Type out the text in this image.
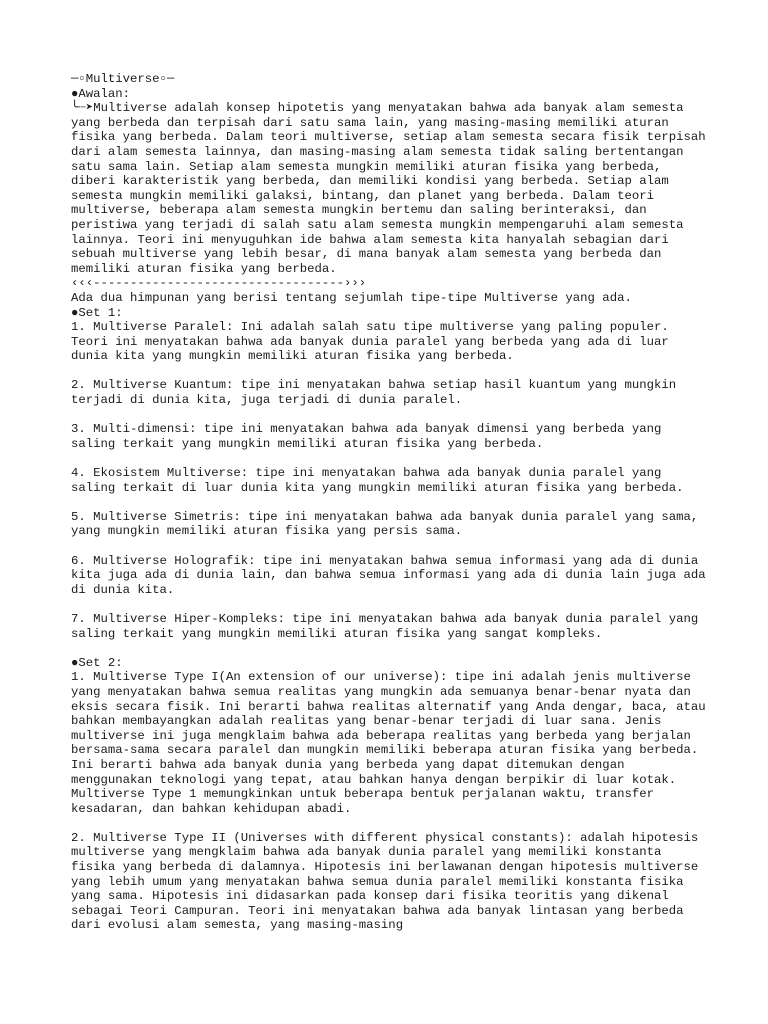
─▫Multiverse▫─

●Awalan:

╰┈➤Multiverse adalah konsep hipotetis yang menyatakan bahwa ada banyak alam semesta yang berbeda dan terpisah dari satu sama lain, yang masing-masing memiliki aturan fisika yang berbeda. Dalam teori multiverse, setiap alam semesta secara fisik terpisah dari alam semesta lainnya, dan masing-masing alam semesta tidak saling bertentangan satu sama lain. Setiap alam semesta mungkin memiliki aturan fisika yang berbeda, diberi karakteristik yang berbeda, dan memiliki kondisi yang berbeda. Setiap alam semesta mungkin memiliki galaksi, bintang, dan planet yang berbeda. Dalam teori multiverse, beberapa alam semesta mungkin bertemu dan saling berinteraksi, dan peristiwa yang terjadi di salah satu alam semesta mungkin mempengaruhi alam semesta lainnya. Teori ini menyuguhkan ide bahwa alam semesta kita hanyalah sebagian dari sebuah multiverse yang lebih besar, di mana banyak alam semesta yang berbeda dan memiliki aturan fisika yang berbeda.

‹‹‹----------------------------------›››

Ada dua himpunan yang berisi tentang sejumlah tipe-tipe Multiverse yang ada.

●Set 1:

1. Multiverse Paralel: Ini adalah salah satu tipe multiverse yang paling populer. Teori ini menyatakan bahwa ada banyak dunia paralel yang berbeda yang ada di luar dunia kita yang mungkin memiliki aturan fisika yang berbeda.

2. Multiverse Kuantum: tipe ini menyatakan bahwa setiap hasil kuantum yang mungkin terjadi di dunia kita, juga terjadi di dunia paralel.

3. Multi-dimensi: tipe ini menyatakan bahwa ada banyak dimensi yang berbeda yang saling terkait yang mungkin memiliki aturan fisika yang berbeda.

4. Ekosistem Multiverse: tipe ini menyatakan bahwa ada banyak dunia paralel yang saling terkait di luar dunia kita yang mungkin memiliki aturan fisika yang berbeda.

5. Multiverse Simetris: tipe ini menyatakan bahwa ada banyak dunia paralel yang sama, yang mungkin memiliki aturan fisika yang persis sama.

6. Multiverse Holografik: tipe ini menyatakan bahwa semua informasi yang ada di dunia kita juga ada di dunia lain, dan bahwa semua informasi yang ada di dunia lain juga ada di dunia kita.

7. Multiverse Hiper-Kompleks: tipe ini menyatakan bahwa ada banyak dunia paralel yang saling terkait yang mungkin memiliki aturan fisika yang sangat kompleks.

●Set 2:

1. Multiverse Type I(An extension of our universe): tipe ini adalah jenis multiverse yang menyatakan bahwa semua realitas yang mungkin ada semuanya benar-benar nyata dan eksis secara fisik. Ini berarti bahwa realitas alternatif yang Anda dengar, baca, atau bahkan membayangkan adalah realitas yang benar-benar terjadi di luar sana. Jenis multiverse ini juga mengklaim bahwa ada beberapa realitas yang berbeda yang berjalan bersama-sama secara paralel dan mungkin memiliki beberapa aturan fisika yang berbeda. Ini berarti bahwa ada banyak dunia yang berbeda yang dapat ditemukan dengan menggunakan teknologi yang tepat, atau bahkan hanya dengan berpikir di luar kotak. Multiverse Type 1 memungkinkan untuk beberapa bentuk perjalanan waktu, transfer kesadaran, dan bahkan kehidupan abadi.

2. Multiverse Type II (Universes with different physical constants): adalah hipotesis multiverse yang mengklaim bahwa ada banyak dunia paralel yang memiliki konstanta fisika yang berbeda di dalamnya. Hipotesis ini berlawanan dengan hipotesis multiverse yang lebih umum yang menyatakan bahwa semua dunia paralel memiliki konstanta fisika yang sama. Hipotesis ini didasarkan pada konsep dari fisika teoritis yang dikenal sebagai Teori Campuran. Teori ini menyatakan bahwa ada banyak lintasan yang berbeda dari evolusi alam semesta, yang masing-masing
